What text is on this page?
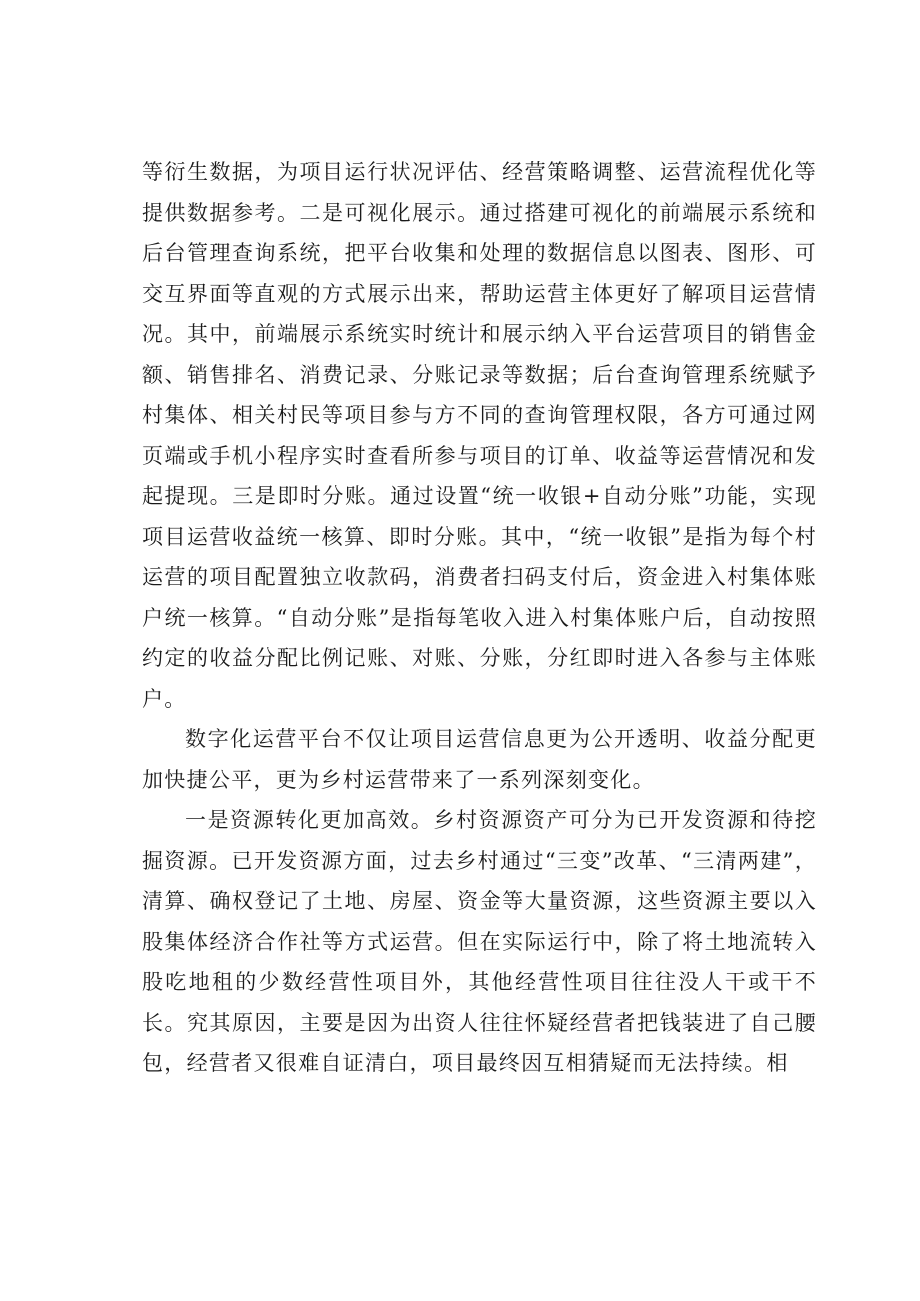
等衍生数据，为项目运行状况评估、经营策略调整、运营流程优化等提供数据参考。二是可视化展示。通过搭建可视化的前端展示系统和后台管理查询系统，把平台收集和处理的数据信息以图表、图形、可交互界面等直观的方式展示出来，帮助运营主体更好了解项目运营情况。其中，前端展示系统实时统计和展示纳入平台运营项目的销售金额、销售排名、消费记录、分账记录等数据；后台查询管理系统赋予村集体、相关村民等项目参与方不同的查询管理权限，各方可通过网页端或手机小程序实时查看所参与项目的订单、收益等运营情况和发起提现。三是即时分账。通过设置“统一收银+自动分账”功能，实现项目运营收益统一核算、即时分账。其中，“统一收银”是指为每个村运营的项目配置独立收款码，消费者扫码支付后，资金进入村集体账户统一核算。“自动分账”是指每笔收入进入村集体账户后，自动按照约定的收益分配比例记账、对账、分账，分红即时进入各参与主体账户。

数字化运营平台不仅让项目运营信息更为公开透明、收益分配更加快捷公平，更为乡村运营带来了一系列深刻变化。

一是资源转化更加高效。乡村资源资产可分为已开发资源和待挖掘资源。已开发资源方面，过去乡村通过“三变”改革、“三清两建”，清算、确权登记了土地、房屋、资金等大量资源，这些资源主要以入股集体经济合作社等方式运营。但在实际运行中，除了将土地流转入股吃地租的少数经营性项目外，其他经营性项目往往没人干或干不长。究其原因，主要是因为出资人往往怀疑经营者把钱装进了自己腰包，经营者又很难自证清白，项目最终因互相猜疑而无法持续。相
